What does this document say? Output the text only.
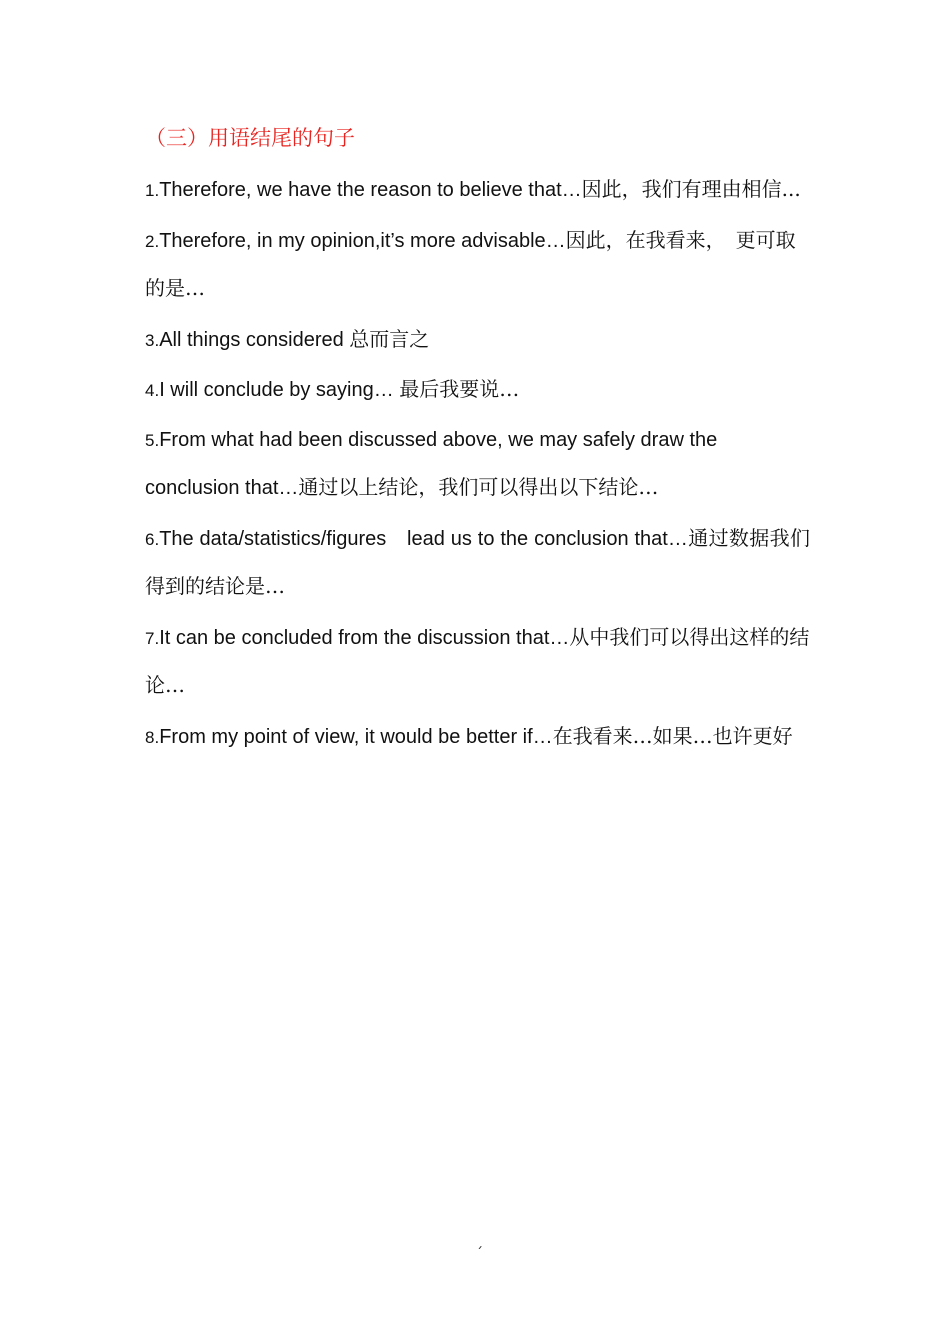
（三）用语结尾的句子
1.Therefore, we have the reason to believe that…因此，我们有理由相信...
2.Therefore, in my opinion,it’s more advisable…因此，在我看来，　更可取的是…
3.All things considered 总而言之
4.I will conclude by saying… 最后我要说…
5.From what had been discussed above, we may safely draw the conclusion that…通过以上结论，我们可以得出以下结论…
6.The data/statistics/figures　lead us to the conclusion that…通过数据我们得到的结论是…
7.It can be concluded from the discussion that…从中我们可以得出这样的结论…
8.From my point of view, it would be better if…在我看来…如果…也许更好
´
